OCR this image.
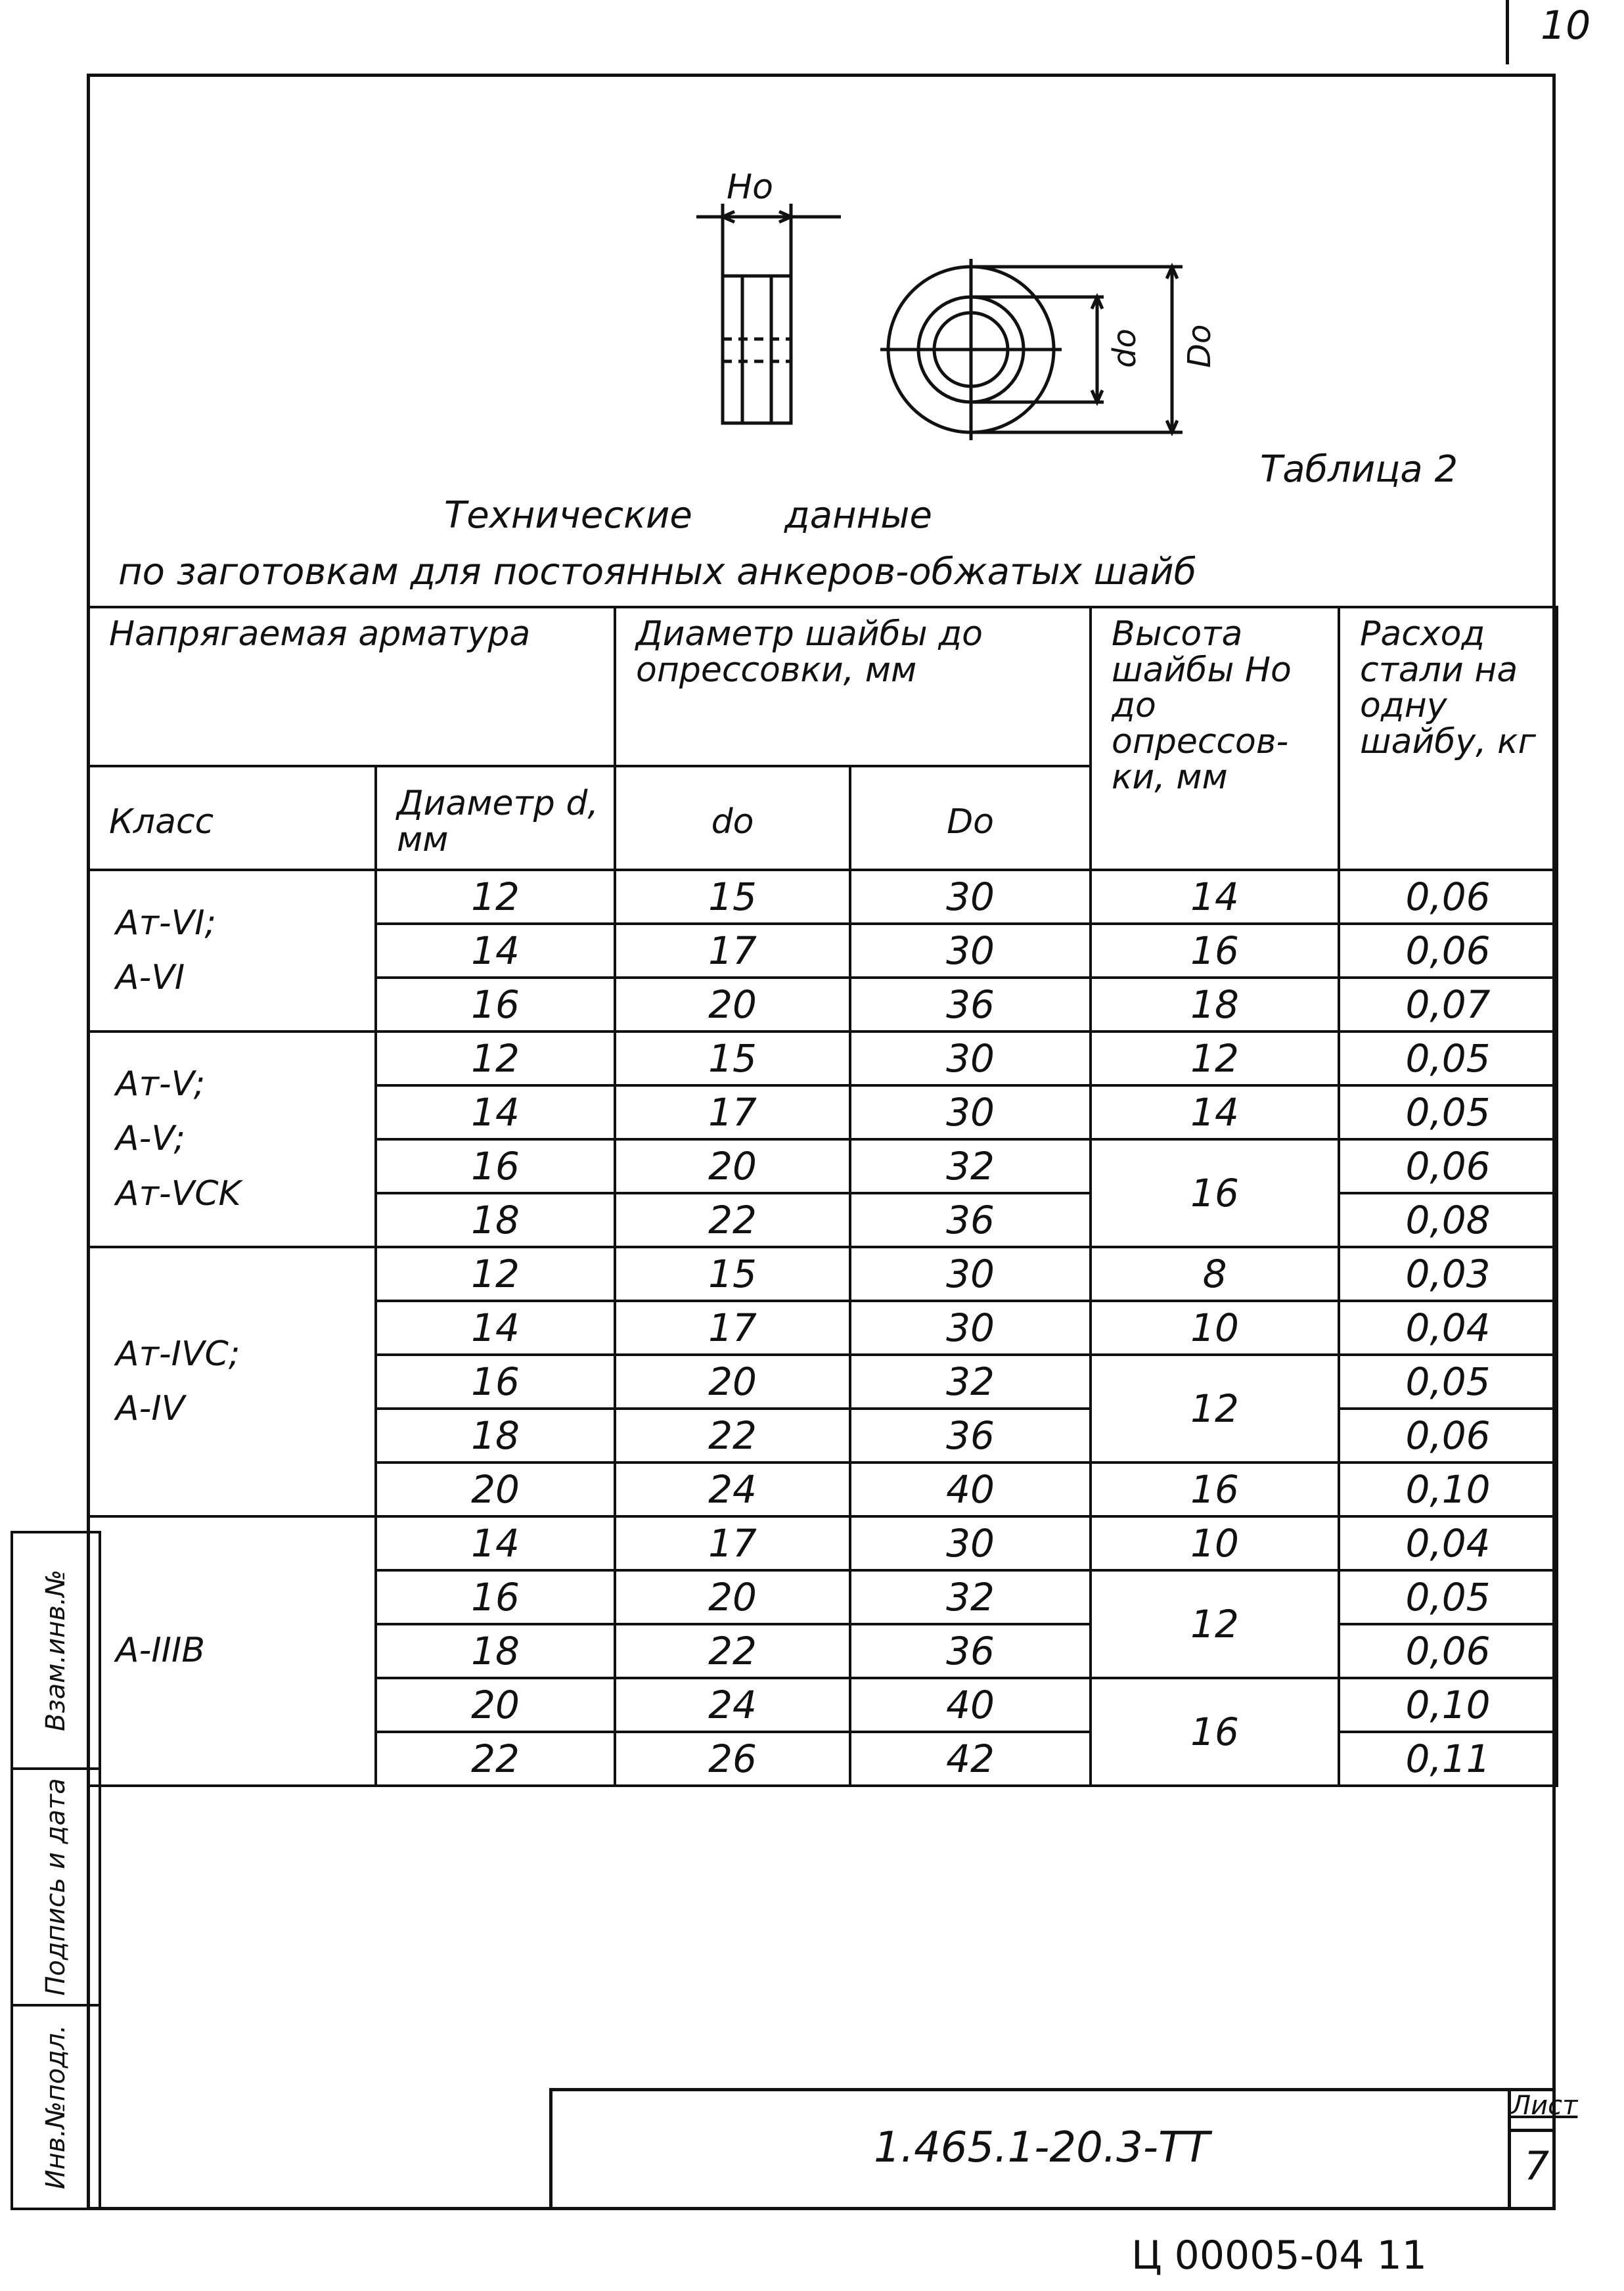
10
Но
do Do
Таблица 2
Технические	данные
по заготовкам для постоянных анкеров-обжатых шайб
Напрягаемая арматура		Диаметр шайбы до опрессовки, мм		Высота шайбы Но до опрессов-ки, мм	Расход стали на одну шайбу, кг
Класс	Диаметр d, мм	do	Do		

Ат-VI;
А-VI	12	15	30	14	0,06
	14	17	30	16	0,06
	16	20	36	18	0,07

Ат-V;
А-V;
Ат-VCK	12	15	30	12	0,05
	14	17	30	14	0,05
	16	20	32	16	0,06
	18	22	36		0,08

Ат-IVС;
А-IV	12	15	30	8	0,03
	14	17	30	10	0,04
	16	20	32	12	0,05
	18	22	36		0,06
	20	24	40	16	0,10

А-IIIВ	14	17	30	10	0,04
	16	20	32	12	0,05
	18	22	36		0,06
	20	24	40	16	0,10
	22	26	42		0,11
Инв.№подл.
Подпись и дата
Взам.инв.№
1.465.1-20.3-ТТ
Лист
7
Ц 00005-04 11
